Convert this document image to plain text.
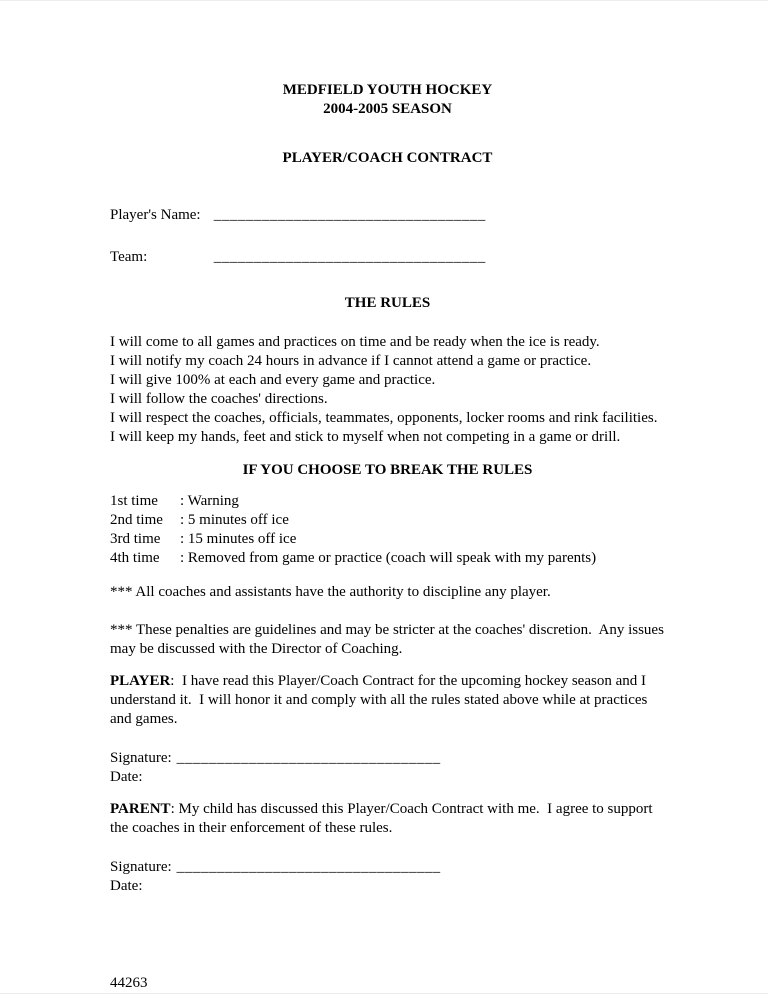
MEDFIELD YOUTH HOCKEY
2004-2005 SEASON
PLAYER/COACH CONTRACT
Player's Name: __________________________________
Team:	__________________________________
THE RULES
I will come to all games and practices on time and be ready when the ice is ready.
I will notify my coach 24 hours in advance if I cannot attend a game or practice.
I will give 100% at each and every game and practice.
I will follow the coaches' directions.
I will respect the coaches, officials, teammates, opponents, locker rooms and rink facilities.
I will keep my hands, feet and stick to myself when not competing in a game or drill.
IF YOU CHOOSE TO BREAK THE RULES
1st time : Warning
2nd time : 5 minutes off ice
3rd time : 15 minutes off ice
4th time : Removed from game or practice (coach will speak with my parents)
*** All coaches and assistants have the authority to discipline any player.
*** These penalties are guidelines and may be stricter at the coaches' discretion.  Any issues may be discussed with the Director of Coaching.

PLAYER:  I have read this Player/Coach Contract for the upcoming hockey season and I understand it.  I will honor it and comply with all the rules stated above while at practices and games.

Signature: _________________________________
Date:

PARENT: My child has discussed this Player/Coach Contract with me.  I agree to support the coaches in their enforcement of these rules.

Signature: _________________________________
Date:
44263
